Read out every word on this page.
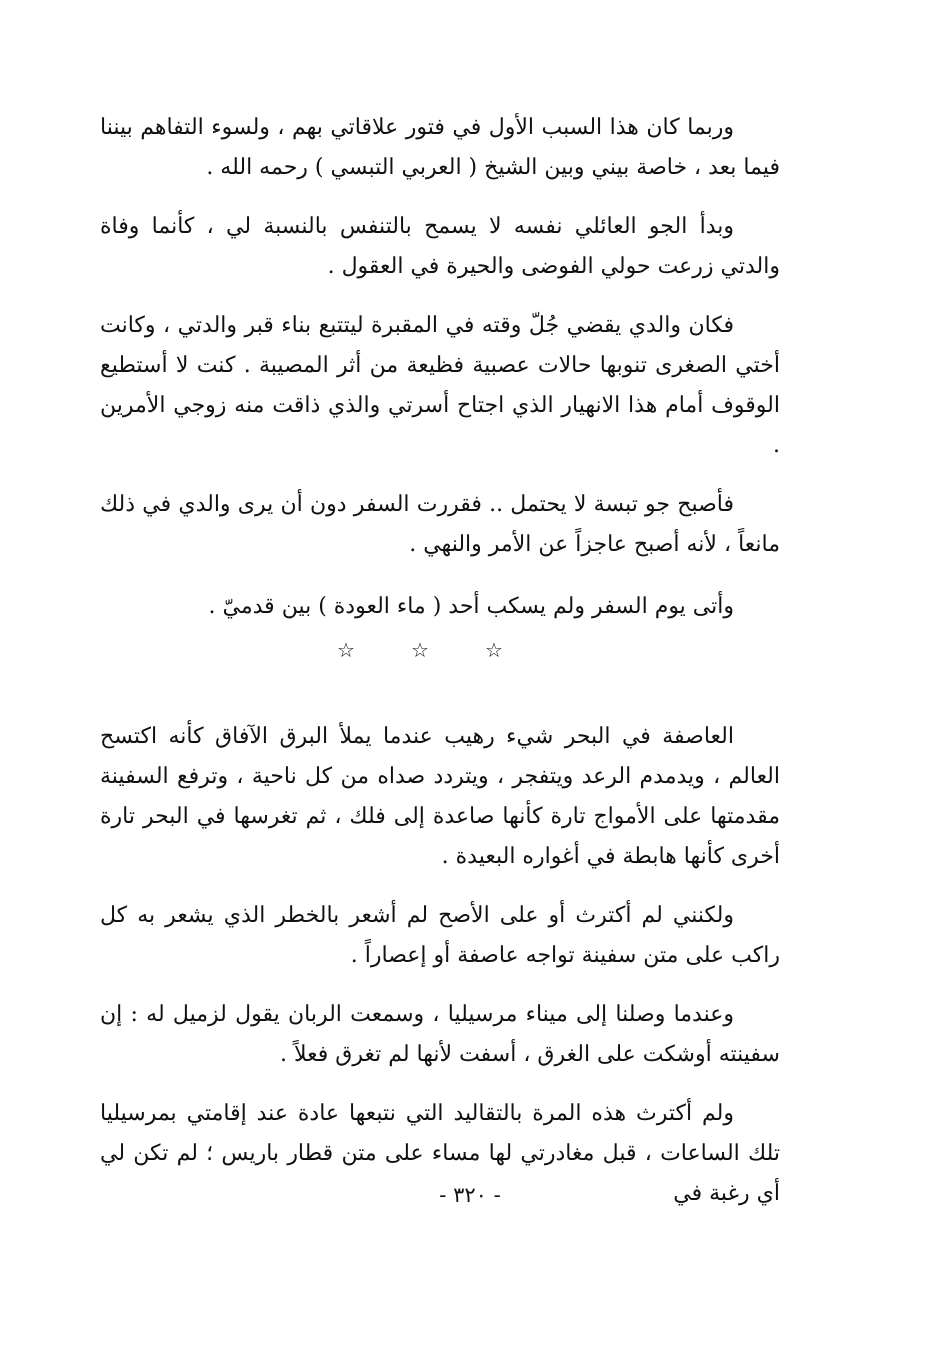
وربما كان هذا السبب الأول في فتور علاقاتي بهم ، ولسوء التفاهم بيننا فيما بعد ، خاصة بيني وبين الشيخ ( العربي التبسي ) رحمه الله .

وبدأ الجو العائلي نفسه لا يسمح بالتنفس بالنسبة لي ، كأنما وفاة والدتي زرعت حولي الفوضى والحيرة في العقول .

فكان والدي يقضي جُلّ وقته في المقبرة ليتتبع بناء قبر والدتي ، وكانت أختي الصغرى تنوبها حالات عصبية فظيعة من أثر المصيبة . كنت لا أستطيع الوقوف أمام هذا الانهيار الذي اجتاح أسرتي والذي ذاقت منه زوجي الأمرين .

فأصبح جو تبسة لا يحتمل .. فقررت السفر دون أن يرى والدي في ذلك مانعاً ، لأنه أصبح عاجزاً عن الأمر والنهي .

وأتى يوم السفر ولم يسكب أحد ( ماء العودة ) بين قدميّ .

☆	☆	☆

العاصفة في البحر شيء رهيب عندما يملأ البرق الآفاق كأنه اكتسح العالم ، ويدمدم الرعد ويتفجر ، ويتردد صداه من كل ناحية ، وترفع السفينة مقدمتها على الأمواج تارة كأنها صاعدة إلى فلك ، ثم تغرسها في البحر تارة أخرى كأنها هابطة في أغواره البعيدة .

ولكنني لم أكترث أو على الأصح لم أشعر بالخطر الذي يشعر به كل راكب على متن سفينة تواجه عاصفة أو إعصاراً .

وعندما وصلنا إلى ميناء مرسيليا ، وسمعت الربان يقول لزميل له : إن سفينته أوشكت على الغرق ، أسفت لأنها لم تغرق فعلاً .

ولم أكترث هذه المرة بالتقاليد التي نتبعها عادة عند إقامتي بمرسيليا تلك الساعات ، قبل مغادرتي لها مساء على متن قطار باريس ؛ لم تكن لي أي رغبة في

- ٣٢٠ -
